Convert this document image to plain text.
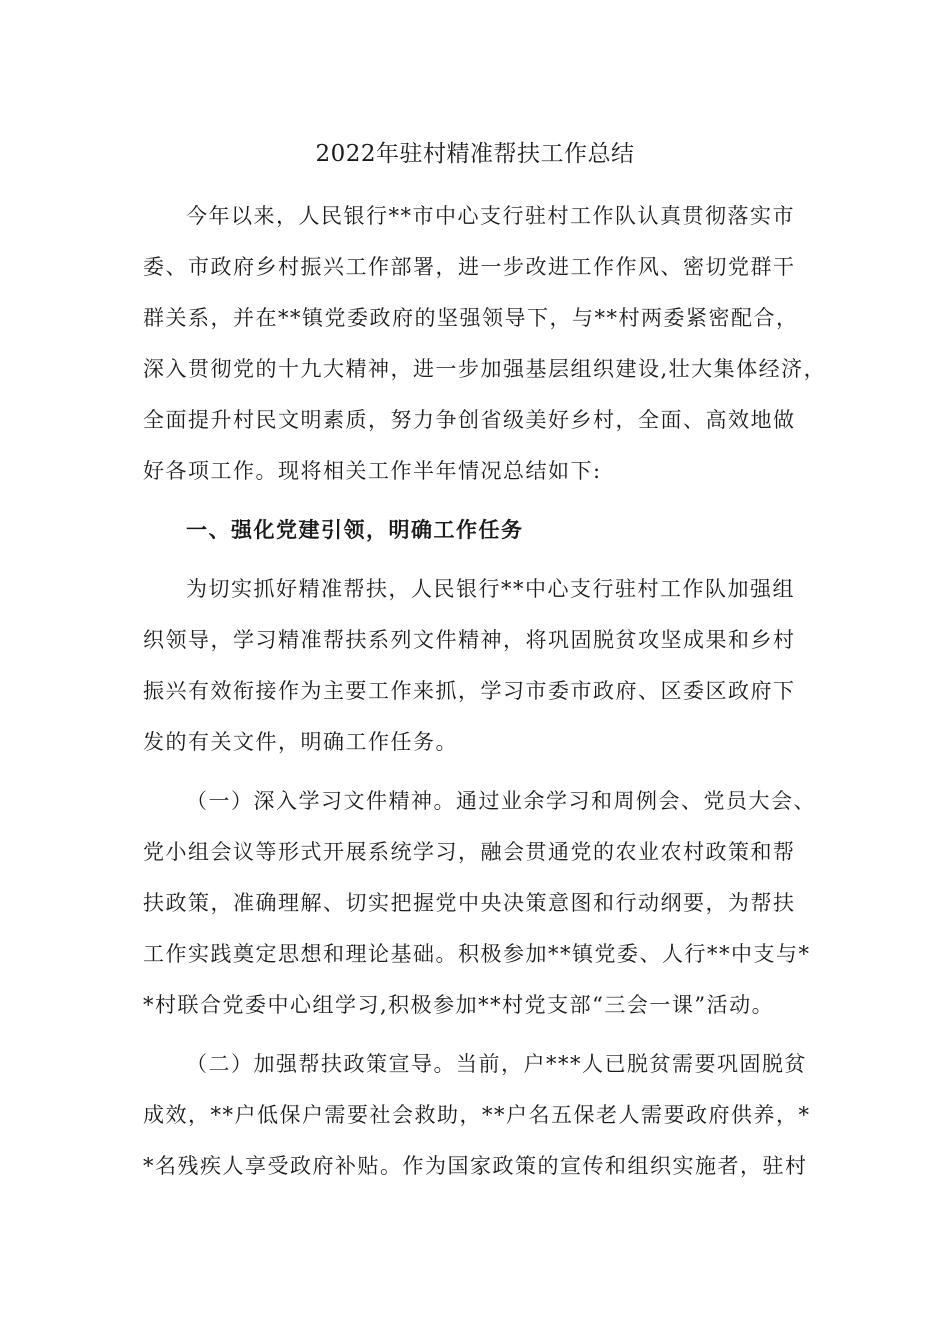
2022年驻村精准帮扶工作总结
今年以来，人民银行**市中心支行驻村工作队认真贯彻落实市
委、市政府乡村振兴工作部署，进一步改进工作作风、密切党群干
群关系，并在**镇党委政府的坚强领导下，与**村两委紧密配合，
深入贯彻党的十九大精神，进一步加强基层组织建设,壮大集体经济，
全面提升村民文明素质，努力争创省级美好乡村，全面、高效地做
好各项工作。现将相关工作半年情况总结如下:
一、强化党建引领，明确工作任务
为切实抓好精准帮扶，人民银行**中心支行驻村工作队加强组
织领导，学习精准帮扶系列文件精神，将巩固脱贫攻坚成果和乡村
振兴有效衔接作为主要工作来抓，学习市委市政府、区委区政府下
发的有关文件，明确工作任务。
（一）深入学习文件精神。通过业余学习和周例会、党员大会、
党小组会议等形式开展系统学习，融会贯通党的农业农村政策和帮
扶政策，准确理解、切实把握党中央决策意图和行动纲要，为帮扶
工作实践奠定思想和理论基础。积极参加**镇党委、人行**中支与*
*村联合党委中心组学习,积极参加**村党支部“三会一课”活动。
（二）加强帮扶政策宣导。当前，户***人已脱贫需要巩固脱贫
成效，**户低保户需要社会救助，**户名五保老人需要政府供养，*
*名残疾人享受政府补贴。作为国家政策的宣传和组织实施者，驻村
